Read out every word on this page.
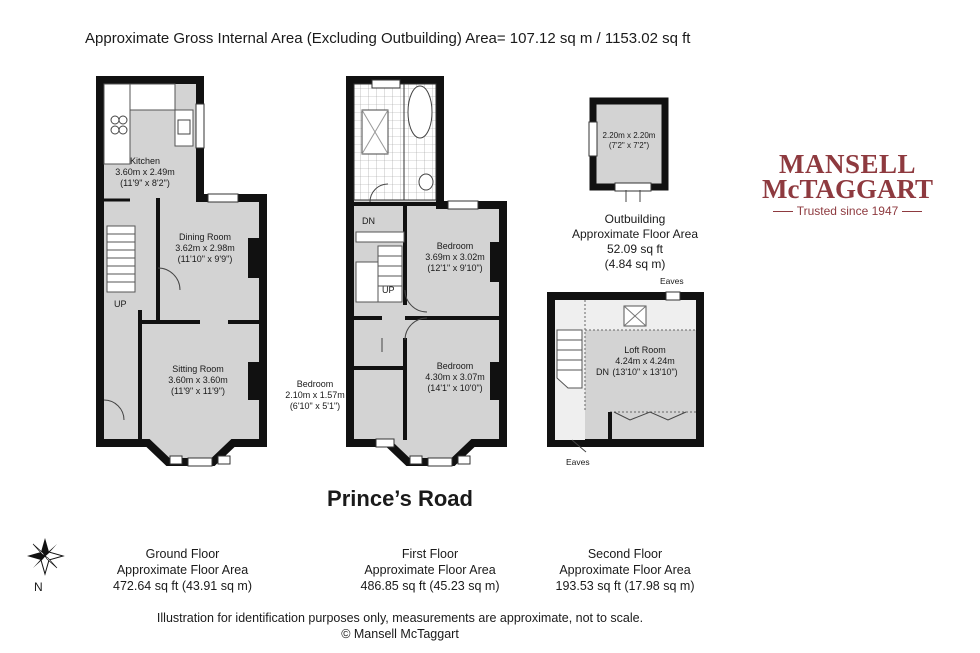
Approximate Gross Internal Area (Excluding Outbuilding) Area= 107.12 sq m / 1153.02 sq ft
Kitchen
3.60m x 2.49m
(11'9" x 8'2")
Dining Room
3.62m x 2.98m
(11'10" x 9'9")
Sitting Room
3.60m x 3.60m
(11'9" x 11'9")
UP
Bedroom
3.69m x 3.02m
(12'1" x 9'10")
Bedroom
4.30m x 3.07m
(14'1" x 10'0")
Bedroom
2.10m x 1.57m
(6'10" x 5'1")
DN
UP
2.20m x 2.20m
(7'2" x 7'2")
Outbuilding
Approximate Floor Area
52.09 sq ft
(4.84 sq m)
Loft Room
4.24m x 4.24m
(13'10" x 13'10")
DN
Eaves
Eaves
MANSELL
McTAGGART
Trusted since 1947
Prince’s Road
N
Ground Floor
Approximate Floor Area
472.64 sq ft (43.91 sq m)
First Floor
Approximate Floor Area
486.85 sq ft (45.23 sq m)
Second Floor
Approximate Floor Area
193.53 sq ft (17.98 sq m)
Illustration for identification purposes only, measurements are approximate, not to scale.
© Mansell McTaggart
